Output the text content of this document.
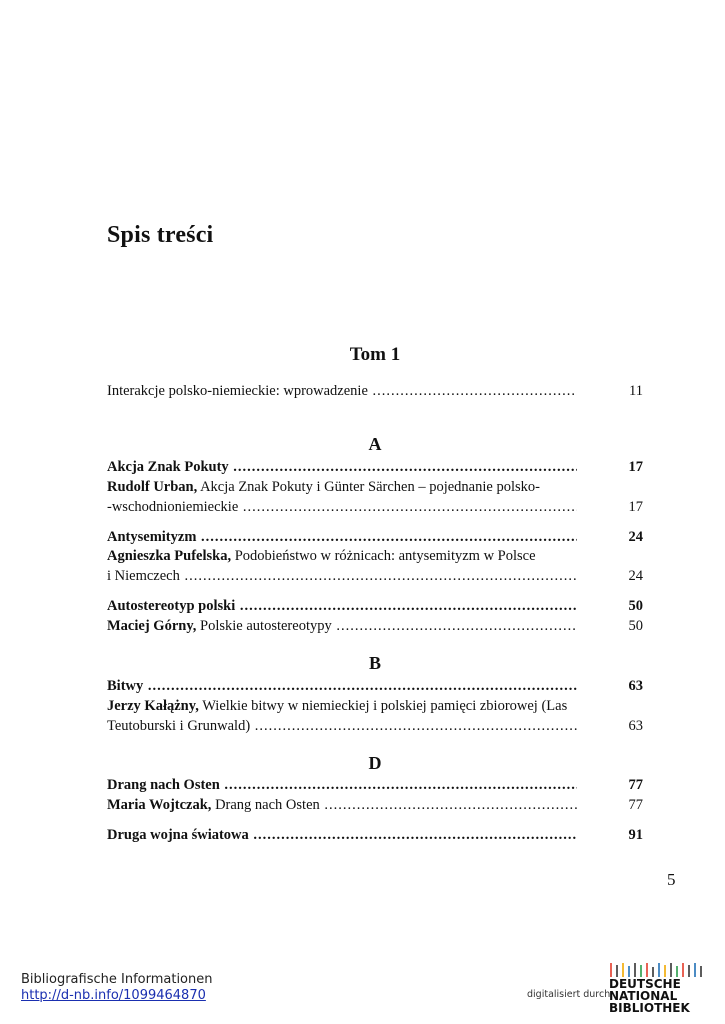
Spis treści
Tom 1
Interakcje polsko-niemieckie: wprowadzenie .....	11
A
Akcja Znak Pokuty .....	17
Rudolf Urban, Akcja Znak Pokuty i Günter Särchen – pojednanie polsko-
-wschodnioniemieckie .....	17
Antysemityzm .....	24
Agnieszka Pufelska, Podobieństwo w różnicach: antysemityzm w Polsce
i Niemczech .....	24
Autostereotyp polski .....	50
Maciej Górny, Polskie autostereotypy .....	50
B
Bitwy .....	63
Jerzy Kałążny, Wielkie bitwy w niemieckiej i polskiej pamięci zbiorowej (Las
Teutoburski i Grunwald) .....	63
D
Drang nach Osten .....	77
Maria Wojtczak, Drang nach Osten .....	77
Druga wojna światowa .....	91
5
Bibliografische Informationen
http://d-nb.info/1099464870	digitalisiert durch
DEUTSCHE
NATIONAL
BIBLIOTHEK
